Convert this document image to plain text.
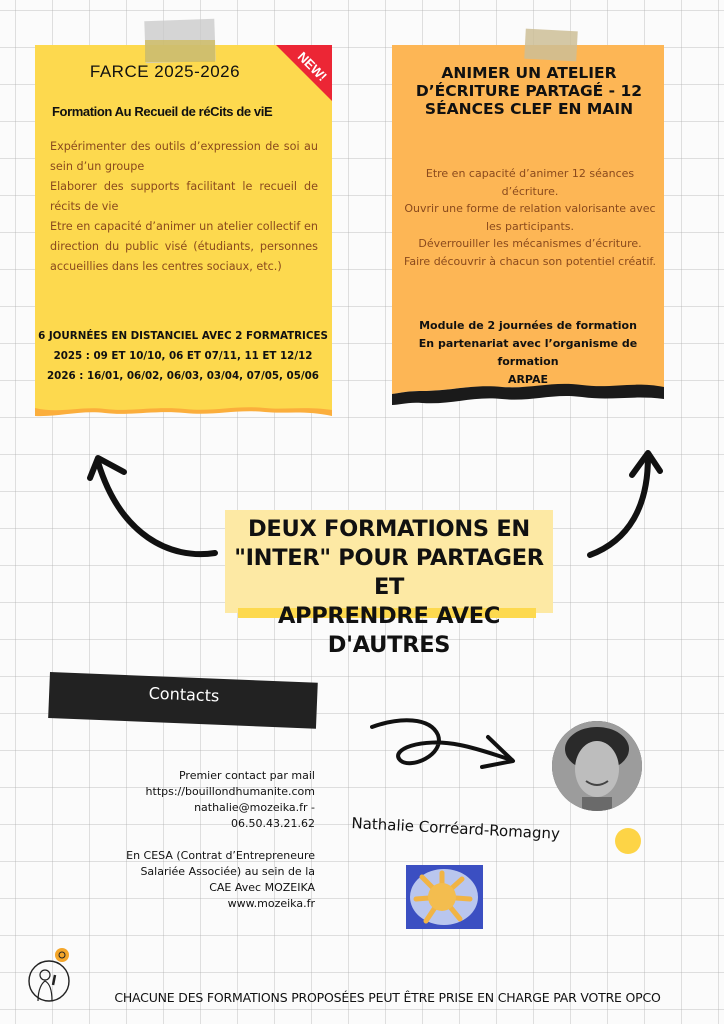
NEW!
FARCE 2025-2026
Formation Au Recueil de réCits de viE
Expérimenter des outils d’expression de soi au sein d’un groupe
Elaborer des supports facilitant le recueil de récits de vie
Etre en capacité d’animer un atelier collectif en direction du public visé (étudiants, personnes accueillies dans les centres sociaux, etc.)
6 JOURNÉES EN DISTANCIEL AVEC 2 FORMATRICES
2025 : 09 ET 10/10, 06 ET 07/11, 11 ET 12/12
2026 : 16/01, 06/02, 06/03, 03/04, 07/05, 05/06
ANIMER UN ATELIER D’ÉCRITURE PARTAGÉ - 12 SÉANCES CLEF EN MAIN
Etre en capacité d’animer 12 séances d’écriture.
Ouvrir une forme de relation valorisante avec les participants.
Déverrouiller les mécanismes d’écriture.
Faire découvrir à chacun son potentiel créatif.
Module de 2 journées de formation
En partenariat avec l’organisme de formation
ARPAE
DEUX FORMATIONS EN
"INTER" POUR PARTAGER ET
APPRENDRE AVEC D'AUTRES
Contacts
Premier contact par mail
https://bouillondhumanite.com
nathalie@mozeika.fr -
06.50.43.21.62
En CESA (Contrat d’Entrepreneure
Salariée Associée) au sein de la
CAE Avec MOZEIKA
www.mozeika.fr
Nathalie Corréard-Romagny
CHACUNE DES FORMATIONS PROPOSÉES PEUT ÊTRE PRISE EN CHARGE PAR VOTRE OPCO
